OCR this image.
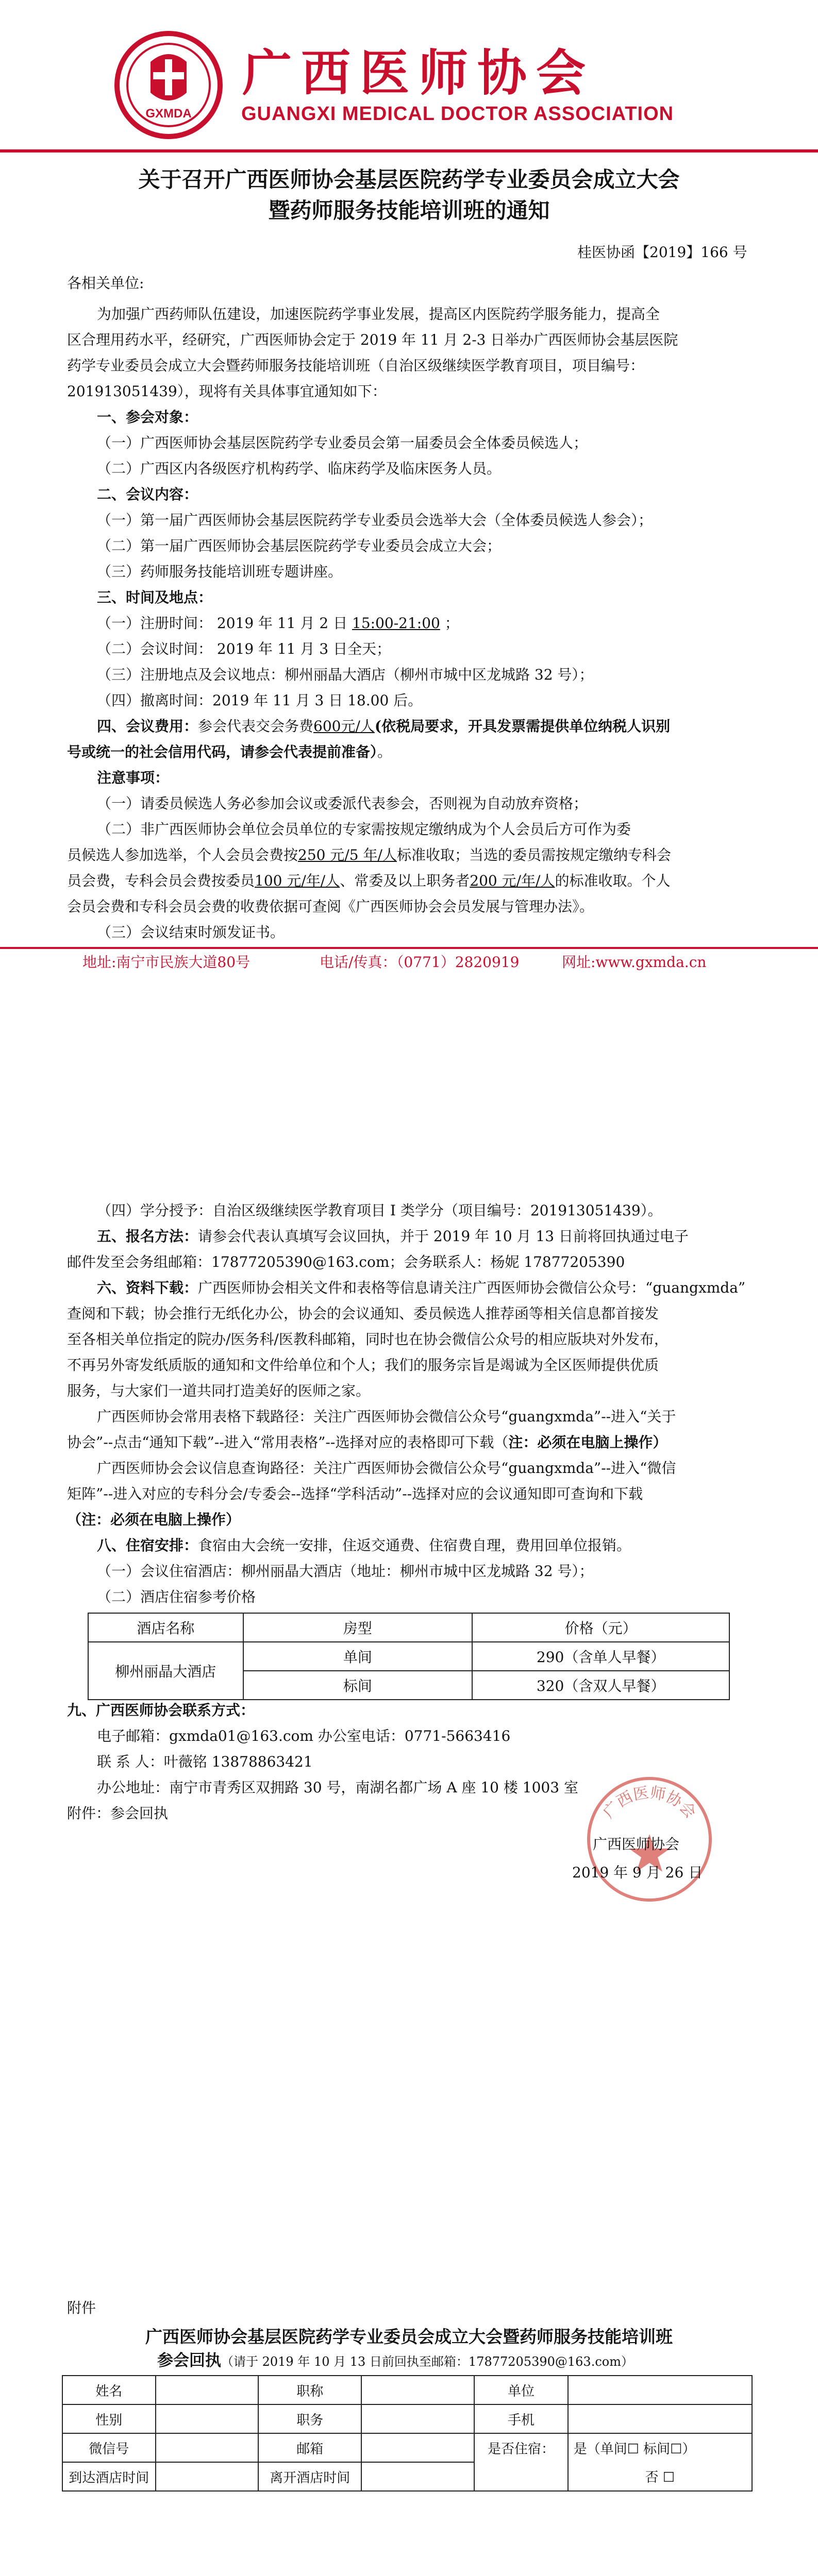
GXMDA
广西医师协会
GUANGXI MEDICAL DOCTOR ASSOCIATION
关于召开广西医师协会基层医院药学专业委员会成立大会
暨药师服务技能培训班的通知
桂医协函【2019】166 号
各相关单位:
为加强广西药师队伍建设，加速医院药学事业发展，提高区内医院药学服务能力，提高全
区合理用药水平，经研究，广西医师协会定于 2019 年 11 月 2-3 日举办广西医师协会基层医院
药学专业委员会成立大会暨药师服务技能培训班（自治区级继续医学教育项目，项目编号：
201913051439），现将有关具体事宜通知如下：
一、参会对象：
（一）广西医师协会基层医院药学专业委员会第一届委员会全体委员候选人；
（二）广西区内各级医疗机构药学、临床药学及临床医务人员。
二、会议内容：
（一）第一届广西医师协会基层医院药学专业委员会选举大会（全体委员候选人参会）；
（二）第一届广西医师协会基层医院药学专业委员会成立大会；
（三）药师服务技能培训班专题讲座。
三、时间及地点：
（一）注册时间： 2019 年 11 月 2 日 15:00-21:00 ；
（二）会议时间： 2019 年 11 月 3 日全天；
（三）注册地点及会议地点：柳州丽晶大酒店（柳州市城中区龙城路 32 号）；
（四）撤离时间：2019 年 11 月 3 日 18.00 后。
四、会议费用：参会代表交会务费600元/人(依税局要求，开具发票需提供单位纳税人识别
号或统一的社会信用代码，请参会代表提前准备）。
注意事项：
（一）请委员候选人务必参加会议或委派代表参会，否则视为自动放弃资格；
（二）非广西医师协会单位会员单位的专家需按规定缴纳成为个人会员后方可作为委
员候选人参加选举，个人会员会费按250 元/5 年/人标准收取；当选的委员需按规定缴纳专科会
员会费，专科会员会费按委员100 元/年/人、常委及以上职务者200 元/年/人的标准收取。个人
会员会费和专科会员会费的收费依据可查阅《广西医师协会会员发展与管理办法》。
（三）会议结束时颁发证书。
地址:南宁市民族大道80号	电话/传真：（0771）2820919	网址:www.gxmda.cn
（四）学分授予：自治区级继续医学教育项目 I 类学分（项目编号：201913051439）。
五、报名方法：请参会代表认真填写会议回执，并于 2019 年 10 月 13 日前将回执通过电子
邮件发至会务组邮箱：17877205390@163.com；会务联系人：杨妮 17877205390
六、资料下载：广西医师协会相关文件和表格等信息请关注广西医师协会微信公众号：“guangxmda”
查阅和下载；协会推行无纸化办公，协会的会议通知、委员候选人推荐函等相关信息都首接发
至各相关单位指定的院办/医务科/医教科邮箱，同时也在协会微信公众号的相应版块对外发布，
不再另外寄发纸质版的通知和文件给单位和个人；我们的服务宗旨是竭诚为全区医师提供优质
服务，与大家们一道共同打造美好的医师之家。
广西医师协会常用表格下载路径：关注广西医师协会微信公众号“guangxmda”--进入“关于
协会”--点击“通知下载”--进入“常用表格”--选择对应的表格即可下载（注：必须在电脑上操作）
广西医师协会会议信息查询路径：关注广西医师协会微信公众号“guangxmda”--进入“微信
矩阵”--进入对应的专科分会/专委会--选择“学科活动”--选择对应的会议通知即可查询和下载
（注：必须在电脑上操作）
八、住宿安排：食宿由大会统一安排，住返交通费、住宿费自理，费用回单位报销。
（一）会议住宿酒店：柳州丽晶大酒店（地址：柳州市城中区龙城路 32 号）；
（二）酒店住宿参考价格
酒店名称	房型	价格（元）
柳州丽晶大酒店	单间	290（含单人早餐）
	标间	320（含双人早餐）
九、广西医师协会联系方式：
电子邮箱：gxmda01@163.com 办公室电话：0771-5663416
联 系 人：叶薇铭 13878863421
办公地址：南宁市青秀区双拥路 30 号，南湖名都广场 A 座 10 楼 1003 室
附件：参会回执	广西医师协会
广西医师协会
2019 年 9 月 26 日
附件
广西医师协会基层医院药学专业委员会成立大会暨药师服务技能培训班
参会回执（请于 2019 年 10 月 13 日前回执至邮箱：17877205390@163.com）
姓名		职称		单位	
性别		职务		手机	
微信号		邮箱		是否住宿：	是（单间☐ 标间☐）
到达酒店时间		离开酒店时间			否 ☐
